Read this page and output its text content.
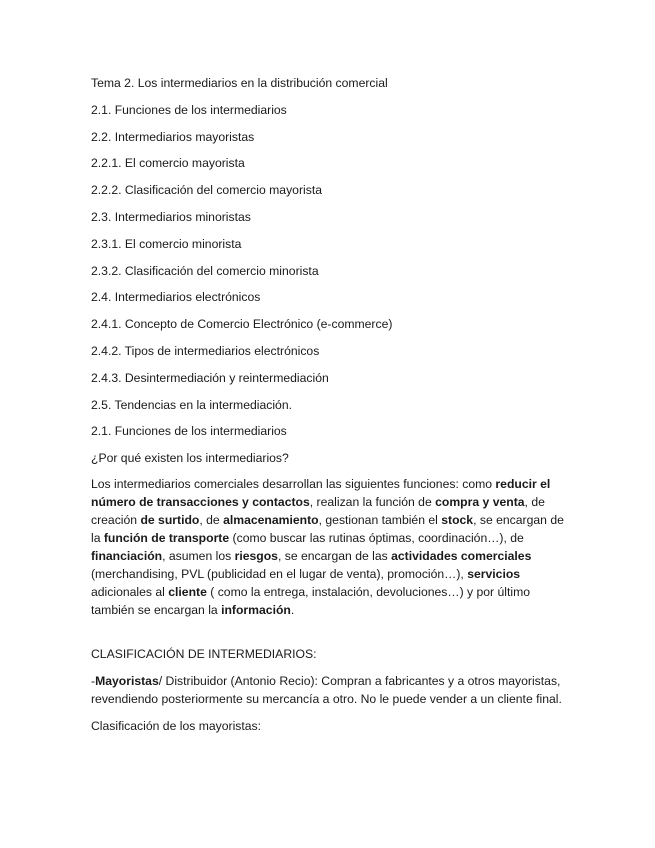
Tema 2. Los intermediarios en la distribución comercial

2.1. Funciones de los intermediarios

2.2. Intermediarios mayoristas

2.2.1. El comercio mayorista

2.2.2. Clasificación del comercio mayorista

2.3. Intermediarios minoristas

2.3.1. El comercio minorista

2.3.2. Clasificación del comercio minorista

2.4. Intermediarios electrónicos

2.4.1. Concepto de Comercio Electrónico (e-commerce)

2.4.2. Tipos de intermediarios electrónicos

2.4.3. Desintermediación y reintermediación

2.5. Tendencias en la intermediación.

2.1. Funciones de los intermediarios

¿Por qué existen los intermediarios?

Los intermediarios comerciales desarrollan las siguientes funciones: como reducir el número de transacciones y contactos, realizan la función de compra y venta, de creación de surtido, de almacenamiento, gestionan también el stock, se encargan de la función de transporte (como buscar las rutinas óptimas, coordinación…), de financiación, asumen los riesgos, se encargan de las actividades comerciales (merchandising, PVL (publicidad en el lugar de venta), promoción…), servicios adicionales al cliente ( como la entrega, instalación, devoluciones…) y por último también se encargan la información.

CLASIFICACIÓN DE INTERMEDIARIOS:

-Mayoristas/ Distribuidor (Antonio Recio): Compran a fabricantes y a otros mayoristas, revendiendo posteriormente su mercancía a otro. No le puede vender a un cliente final.

Clasificación de los mayoristas:
